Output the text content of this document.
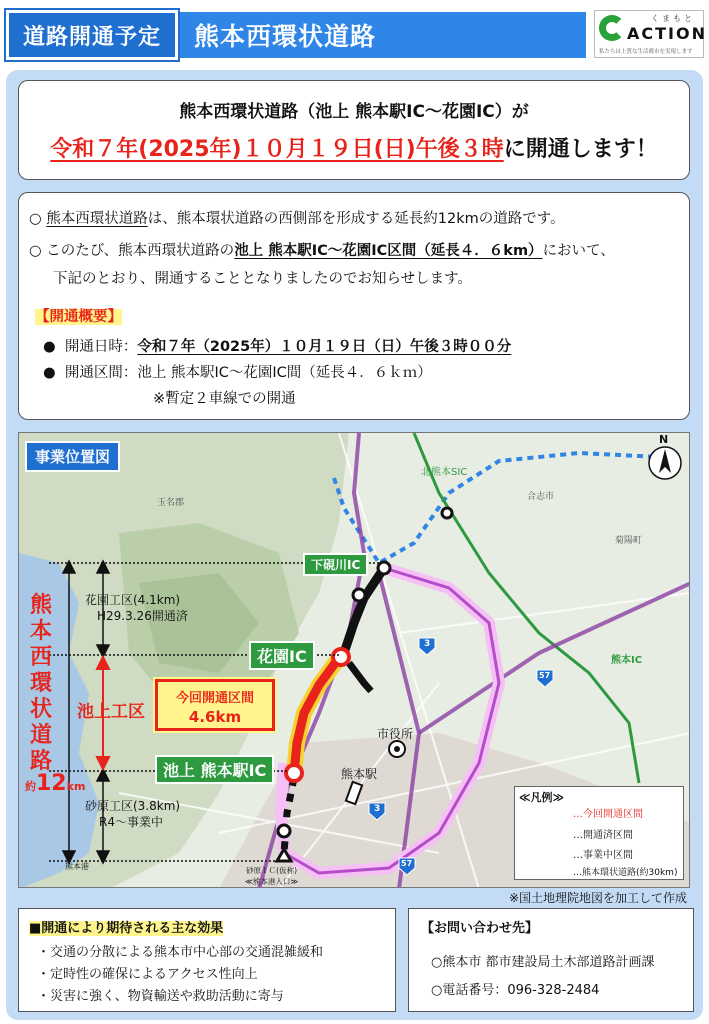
道路開通予定	熊本西環状道路
くまもと
ACTION
私たちは上質な生活都市を実現します
熊本西環状道路（池上 熊本駅IC～花園IC）が
令和７年(2025年)１０月１９日(日)午後３時に開通します！

○ 熊本西環状道路は、熊本環状道路の西側部を形成する延長約12kmの道路です。

○ このたび、熊本西環状道路の池上 熊本駅IC～花園IC区間（延長４．６km）において、

下記のとおり、開通することとなりましたのでお知らせします。

【開通概要】

● 開通日時：令和７年（2025年）１０月１９日（日）午後３時００分

● 開通区間：池上 熊本駅IC～花園IC間（延長４．６ｋｍ）

※暫定２車線での開通

事業位置図
N
熊本西環状道路
約12km
花園工区(4.1km)
H29.3.26開通済
池上工区
砂原工区(3.8km)
R4～事業中
熊本港
今回開通区間
4.6km
下硯川IC
花園IC
池上 熊本駅IC
砂原ＩＣ(仮称)
≪熊本港入口≫
市役所
熊本駅
熊本IC
北熊本SIC
玉名郡
合志市
菊陽町
3
57
3
57
≪凡例≫
…今回開通区間
…開通済区間
…事業中区間
…熊本環状道路(約30km)
※国土地理院地図を加工して作成
■開通により期待される主な効果
・交通の分散による熊本市中心部の交通混雑緩和
・定時性の確保によるアクセス性向上
・災害に強く、物資輸送や救助活動に寄与
【お問い合わせ先】
○熊本市 都市建設局土木部道路計画課
○電話番号：096-328-2484
